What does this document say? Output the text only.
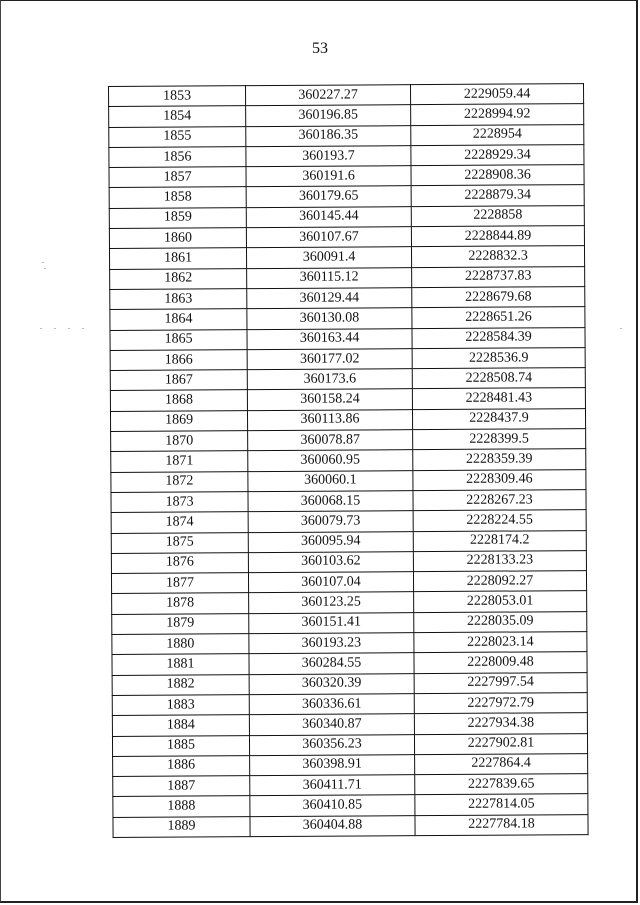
53
1853	360227.27	2229059.44
1854	360196.85	2228994.92
1855	360186.35	2228954
1856	360193.7	2228929.34
1857	360191.6	2228908.36
1858	360179.65	2228879.34
1859	360145.44	2228858
1860	360107.67	2228844.89
1861	360091.4	2228832.3
1862	360115.12	2228737.83
1863	360129.44	2228679.68
1864	360130.08	2228651.26
1865	360163.44	2228584.39
1866	360177.02	2228536.9
1867	360173.6	2228508.74
1868	360158.24	2228481.43
1869	360113.86	2228437.9
1870	360078.87	2228399.5
1871	360060.95	2228359.39
1872	360060.1	2228309.46
1873	360068.15	2228267.23
1874	360079.73	2228224.55
1875	360095.94	2228174.2
1876	360103.62	2228133.23
1877	360107.04	2228092.27
1878	360123.25	2228053.01
1879	360151.41	2228035.09
1880	360193.23	2228023.14
1881	360284.55	2228009.48
1882	360320.39	2227997.54
1883	360336.61	2227972.79
1884	360340.87	2227934.38
1885	360356.23	2227902.81
1886	360398.91	2227864.4
1887	360411.71	2227839.65
1888	360410.85	2227814.05
1889	360404.88	2227784.18
